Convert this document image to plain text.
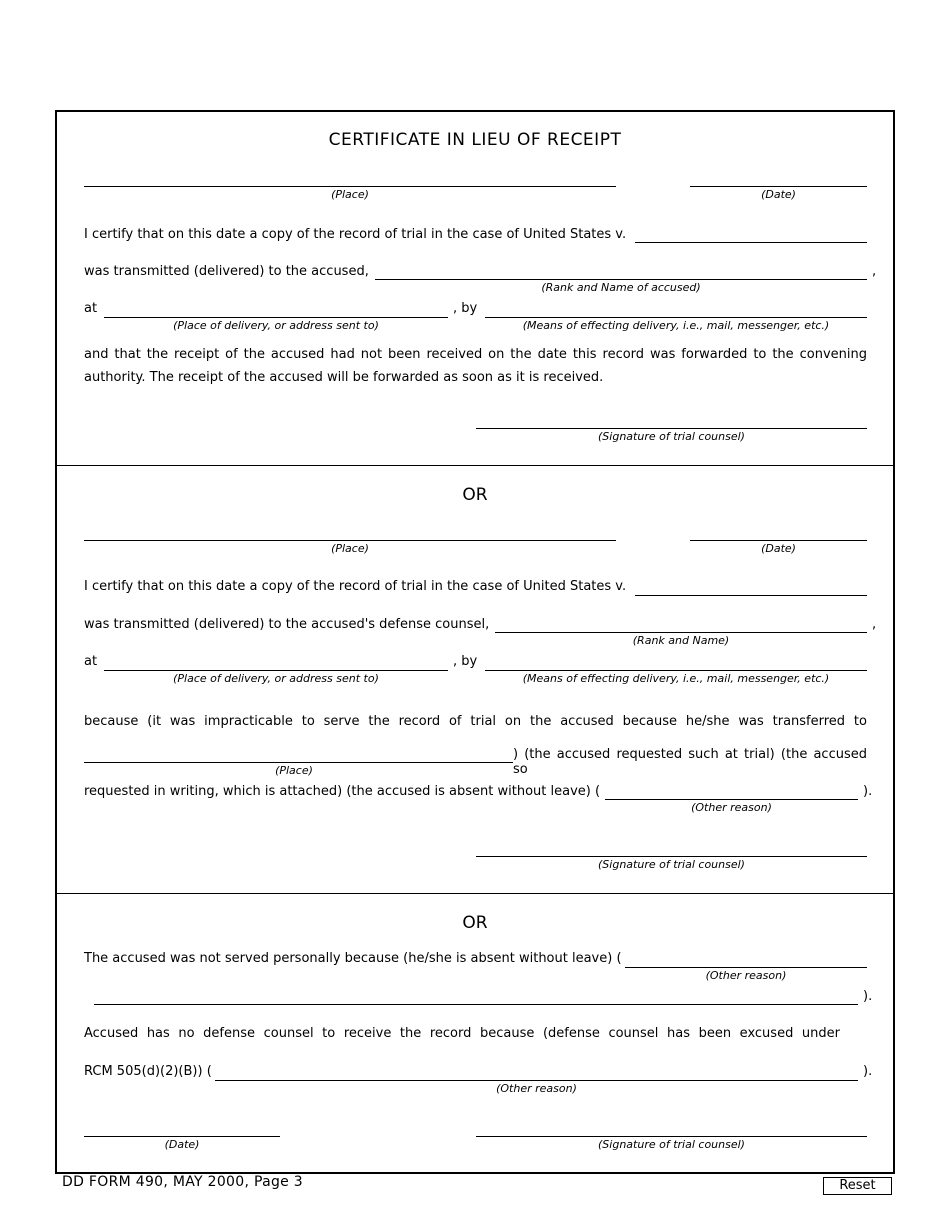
CERTIFICATE IN LIEU OF RECEIPT
(Place)	(Date)
I certify that on this date a copy of the record of trial in the case of United States v.
was transmitted (delivered) to the accused,	,
(Rank and Name of accused)
at
(Place of delivery, or address sent to)
, by
(Means of effecting delivery, i.e., mail, messenger, etc.)
and that the receipt of the accused had not been received on the date this record was forwarded to the convening authority. The receipt of the accused will be forwarded as soon as it is received.
(Signature of trial counsel)
OR
(Place)	(Date)
I certify that on this date a copy of the record of trial in the case of United States v.
was transmitted (delivered) to the accused's defense counsel,	,
(Rank and Name)
at
(Place of delivery, or address sent to)
, by
(Means of effecting delivery, i.e., mail, messenger, etc.)
because (it was impracticable to serve the record of trial on the accused because he/she was transferred to
(Place)
) (the accused requested such at trial) (the accused so
requested in writing, which is attached) (the accused is absent without leave) (
(Other reason)
).
(Signature of trial counsel)
OR
The accused was not served personally because (he/she is absent without leave) (
(Other reason)
).
Accused has no defense counsel to receive the record because (defense counsel has been excused under
RCM 505(d)(2)(B)) (
(Other reason)
).
(Date)	(Signature of trial counsel)
DD FORM 490, MAY 2000, Page 3	Reset
